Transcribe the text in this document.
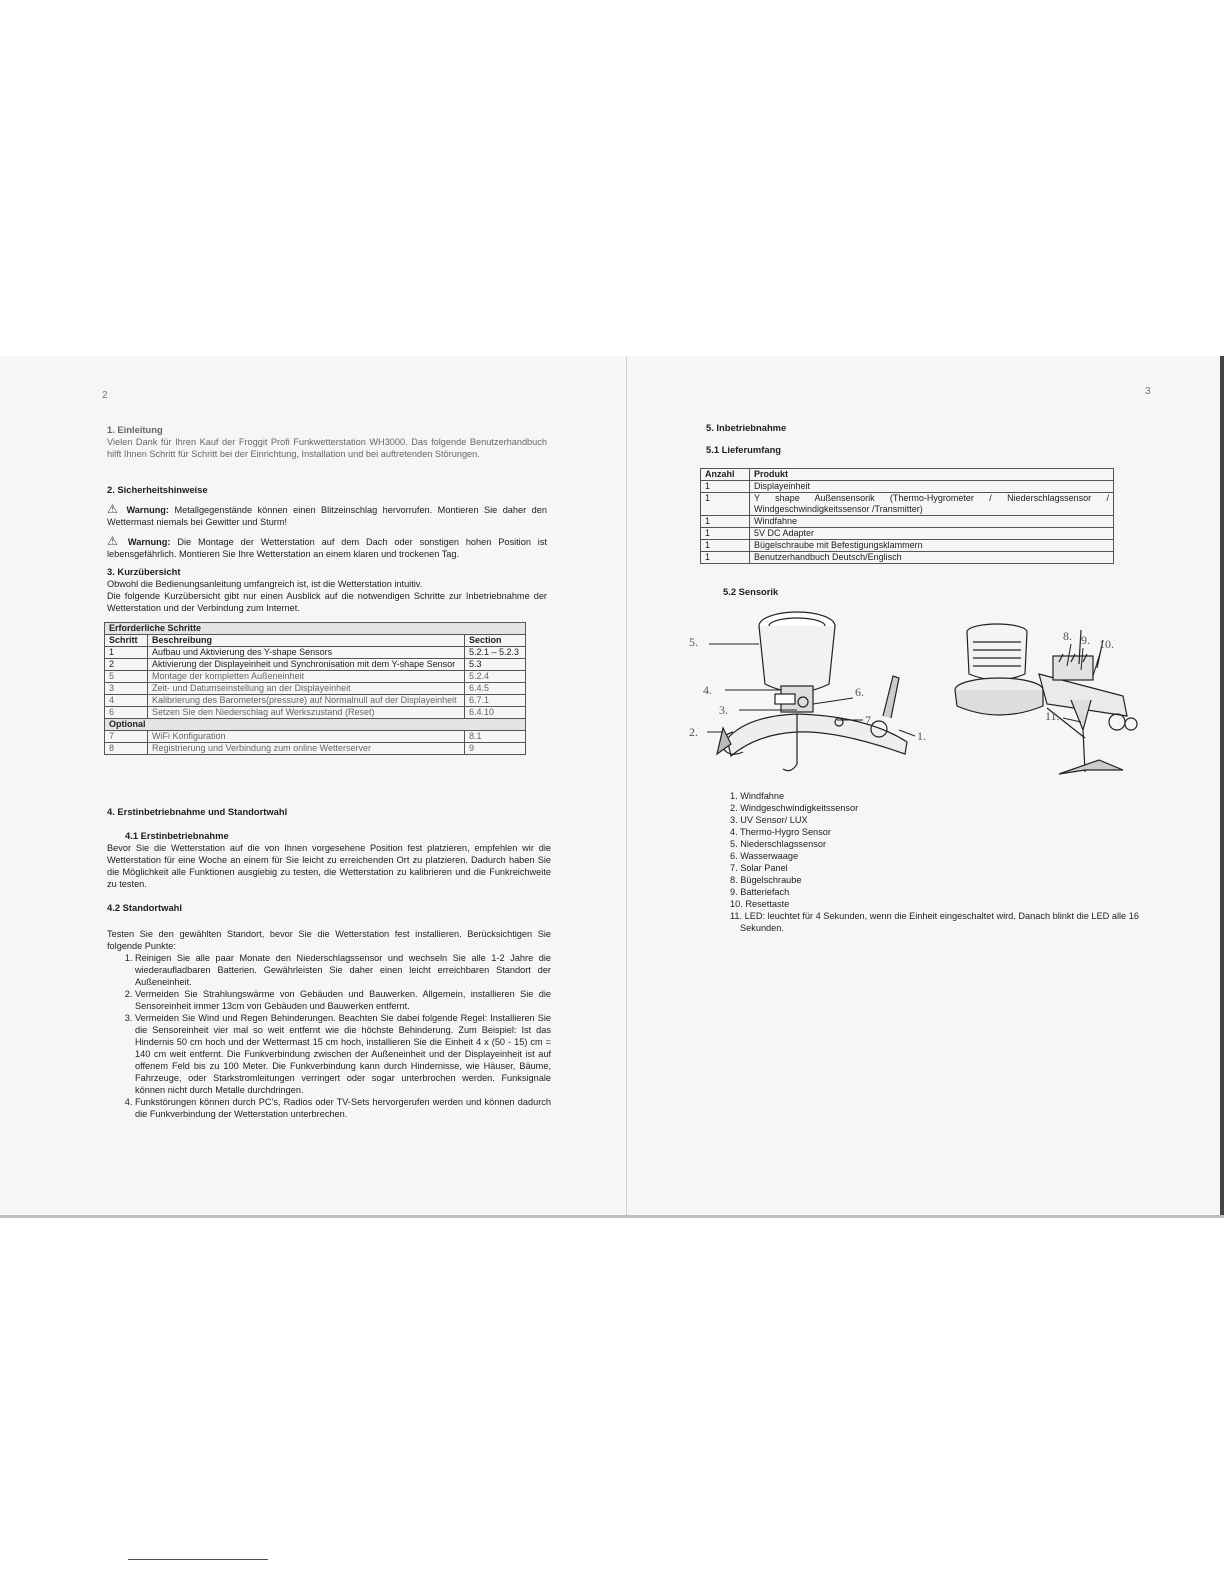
2

1. Einleitung

Vielen Dank für Ihren Kauf der Froggit Profi Funkwetterstation WH3000. Das folgende Benutzerhandbuch hilft Ihnen Schritt für Schritt bei der Einrichtung, Installation und bei auftretenden Störungen.

2. Sicherheitshinweise

⚠ Warnung: Metallgegenstände können einen Blitzeinschlag hervorrufen. Montieren Sie daher den Wettermast niemals bei Gewitter und Sturm!

⚠ Warnung: Die Montage der Wetterstation auf dem Dach oder sonstigen hohen Position ist lebensgefährlich. Montieren Sie Ihre Wetterstation an einem klaren und trockenen Tag.

3. Kurzübersicht

Obwohl die Bedienungsanleitung umfangreich ist, ist die Wetterstation intuitiv.

Die folgende Kurzübersicht gibt nur einen Ausblick auf die notwendigen Schritte zur Inbetriebnahme der Wetterstation und der Verbindung zum Internet.

Erforderliche Schritte		
Schritt	Beschreibung	Section
1	Aufbau und Aktivierung des Y-shape Sensors	5.2.1 – 5.2.3
2	Aktivierung der Displayeinheit und Synchronisation mit dem Y-shape Sensor	5.3
5	Montage der kompletten Außeneinheit	5.2.4
3	Zeit- und Datumseinstellung an der Displayeinheit	6.4.5
4	Kalibrierung des Barometers(pressure) auf Normalnull auf der Displayeinheit	6.7.1
6	Setzen Sie den Niederschlag auf Werkszustand (Reset)	6.4.10
Optional		
7	WiFi Konfiguration	8.1
8	Registrierung und Verbindung zum online Wetterserver	9

4. Erstinbetriebnahme und Standortwahl

4.1 Erstinbetriebnahme

Bevor Sie die Wetterstation auf die von Ihnen vorgesehene Position fest platzieren, empfehlen wir die Wetterstation für eine Woche an einem für Sie leicht zu erreichenden Ort zu platzieren. Dadurch haben Sie die Möglichkeit alle Funktionen ausgiebig zu testen, die Wetterstation zu kalibrieren und die Funkreichweite zu testen.

4.2 Standortwahl

Testen Sie den gewählten Standort, bevor Sie die Wetterstation fest installieren. Berücksichtigen Sie folgende Punkte:

1. Reinigen Sie alle paar Monate den Niederschlagssensor und wechseln Sie alle 1-2 Jahre die wiederaufladbaren Batterien. Gewährleisten Sie daher einen leicht erreichbaren Standort der Außeneinheit.
2. Vermeiden Sie Strahlungswärme von Gebäuden und Bauwerken. Allgemein, installieren Sie die Sensoreinheit immer 13cm von Gebäuden und Bauwerken entfernt.
3. Vermeiden Sie Wind und Regen Behinderungen. Beachten Sie dabei folgende Regel: Installieren Sie die Sensoreinheit vier mal so weit entfernt wie die höchste Behinderung. Zum Beispiel: Ist das Hindernis 50 cm hoch und der Wettermast 15 cm hoch, installieren Sie die Einheit 4 x (50 - 15) cm = 140 cm weit entfernt. Die Funkverbindung zwischen der Außeneinheit und der Displayeinheit ist auf offenem Feld bis zu 100 Meter. Die Funkverbindung kann durch Hindernisse, wie Häuser, Bäume, Fahrzeuge, oder Starkstromleitungen verringert oder sogar unterbrochen werden. Funksignale können nicht durch Metalle durchdringen.
4. Funkstörungen können durch PC's, Radios oder TV-Sets hervorgerufen werden und können dadurch die Funkverbindung der Wetterstation unterbrechen.
3

5. Inbetriebnahme

5.1 Lieferumfang

Anzahl	Produkt
1	Displayeinheit
1	Y shape Außensensorik (Thermo-Hygrometer / Niederschlagssensor / Windgeschwindigkeitssensor /Transmitter)
1	Windfahne
1	5V DC Adapter
1	Bügelschraube mit Befestigungsklammern
1	Benutzerhandbuch Deutsch/Englisch

5.2 Sensorik

5.
4.
3.
2.
6.
7.
1.
8. 9. 10.
11.
1. Windfahne
2. Windgeschwindigkeitssensor
3. UV Sensor/ LUX
4. Thermo-Hygro Sensor
5. Niederschlagssensor
6. Wasserwaage
7. Solar Panel
8. Bügelschraube
9. Batteriefach
10. Resettaste
11. LED: leuchtet für 4 Sekunden, wenn die Einheit eingeschaltet wird. Danach blinkt die LED alle 16 Sekunden.
